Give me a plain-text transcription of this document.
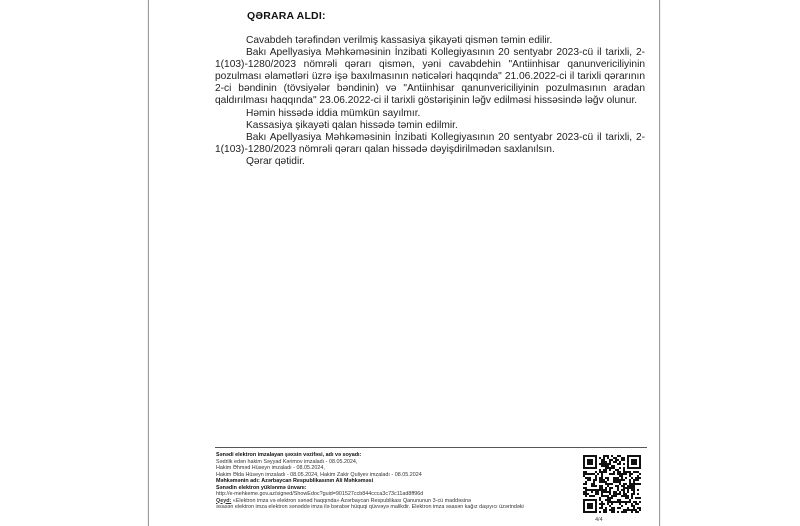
QƏRARA ALDI:

Cavabdeh tərəfindən verilmiş kassasiya şikayəti qismən təmin edilir.

Bakı Apellyasiya Məhkəməsinin İnzibati Kollegiyasının 20 sentyabr 2023-cü il tarixli, 2-1(103)-1280/2023 nömrəli qərarı qismən, yəni cavabdehin "Antiinhisar qanunvericiliyinin pozulması əlamətləri üzrə işə baxılmasının nəticələri haqqında" 21.06.2022-ci il tarixli qərarının 2-ci bəndinin (tövsiyələr bəndinin) və "Antiinhisar qanunvericiliyinin pozulmasının aradan qaldırılması haqqında" 23.06.2022-ci il tarixli göstərişinin ləğv edilməsi hissəsində ləğv olunur.

Həmin hissədə iddia mümkün sayılmır.

Kassasiya şikayəti qalan hissədə təmin edilmir.

Bakı Apellyasiya Məhkəməsinin İnzibati Kollegiyasının 20 sentyabr 2023-cü il tarixli, 2-1(103)-1280/2023 nömrəli qərarı qalan hissədə dəyişdirilmədən saxlanılsın.

Qərar qətidir.

Sənədi elektron imzalayan şəxsin vəzifəsi, adı və soyadı:
Sədrlik edən hakim Səyyad Kərimov imzaladı - 08.05.2024,
Hakim Əhməd Hüseyn imzaladı - 08.05.2024,
Hakim Əlda Hüseyn imzaladı - 08.05.2024, Hakim Zakir Quliyev imzaladı - 08.05.2024
Məhkəmənin adı: Azərbaycan Respublikasının Ali Məhkəməsi
Sənədin elektron yüklənmə ünvanı:
http://e-mehkeme.gov.az/signed/ShowEdoc?guid=901527ccb844ccca3c73c11ad8ff96d
Qeyd: «Elektron imza və elektron sənəd haqqında» Azərbaycan Respublikası Qanununun 3-cü maddəsinə
əsasən elektron imza elektron sənəddə imza ilə bərabər hüquqi qüvvəyə malikdir. Elektron imza əsasən kağız daşıyıcı üzərindəki
4/4
